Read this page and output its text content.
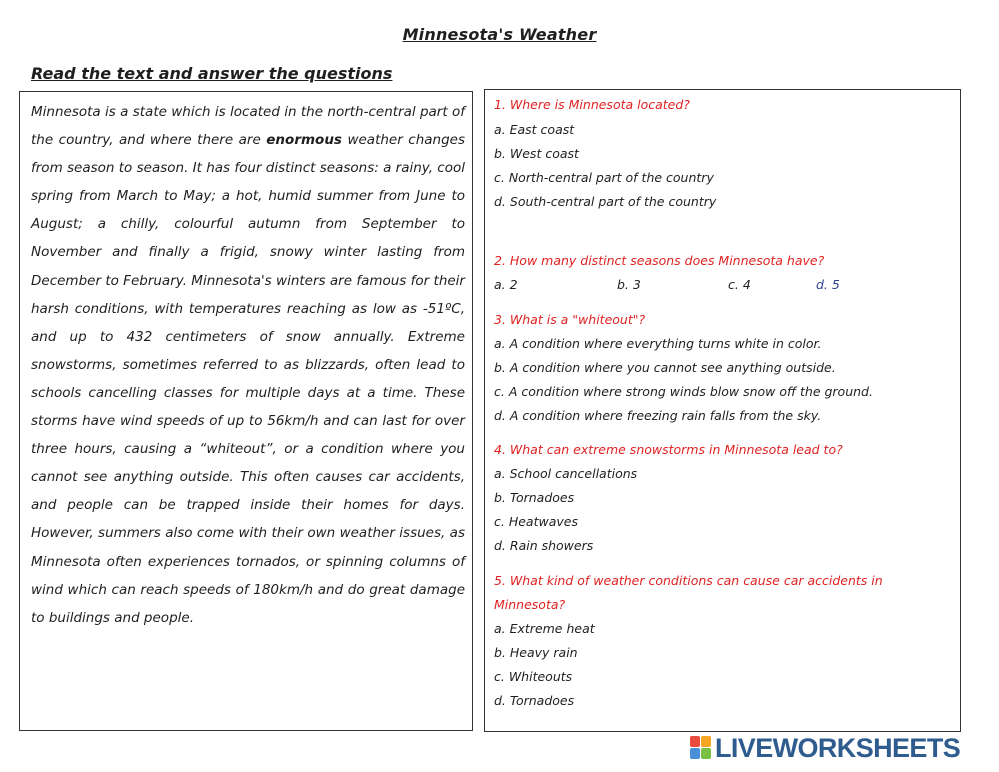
Minnesota's Weather
Read the text and answer the questions
Minnesota is a state which is located in the north-central part of the country, and where there are enormous weather changes from season to season. It has four distinct seasons: a rainy, cool spring from March to May; a hot, humid summer from June to August; a chilly, colourful autumn from September to November and finally a frigid, snowy winter lasting from December to February. Minnesota's winters are famous for their harsh conditions, with temperatures reaching as low as -51ºC, and up to 432 centimeters of snow annually. Extreme snowstorms, sometimes referred to as blizzards, often lead to schools cancelling classes for multiple days at a time. These storms have wind speeds of up to 56km/h and can last for over three hours, causing a “whiteout”, or a condition where you cannot see anything outside. This often causes car accidents, and people can be trapped inside their homes for days. However, summers also come with their own weather issues, as Minnesota often experiences tornados, or spinning columns of wind which can reach speeds of 180km/h and do great damage to buildings and people.
1. Where is Minnesota located?
a. East coast
b. West coast
c. North-central part of the country
d. South-central part of the country
2. How many distinct seasons does Minnesota have?
a. 2	b. 3	c. 4	d. 5
3. What is a "whiteout"?
a. A condition where everything turns white in color.
b. A condition where you cannot see anything outside.
c. A condition where strong winds blow snow off the ground.
d. A condition where freezing rain falls from the sky.
4. What can extreme snowstorms in Minnesota lead to?
a. School cancellations
b. Tornadoes
c. Heatwaves
d. Rain showers
5. What kind of weather conditions can cause car accidents in
Minnesota?
a. Extreme heat
b. Heavy rain
c. Whiteouts
d. Tornadoes
LIVEWORKSHEETS
